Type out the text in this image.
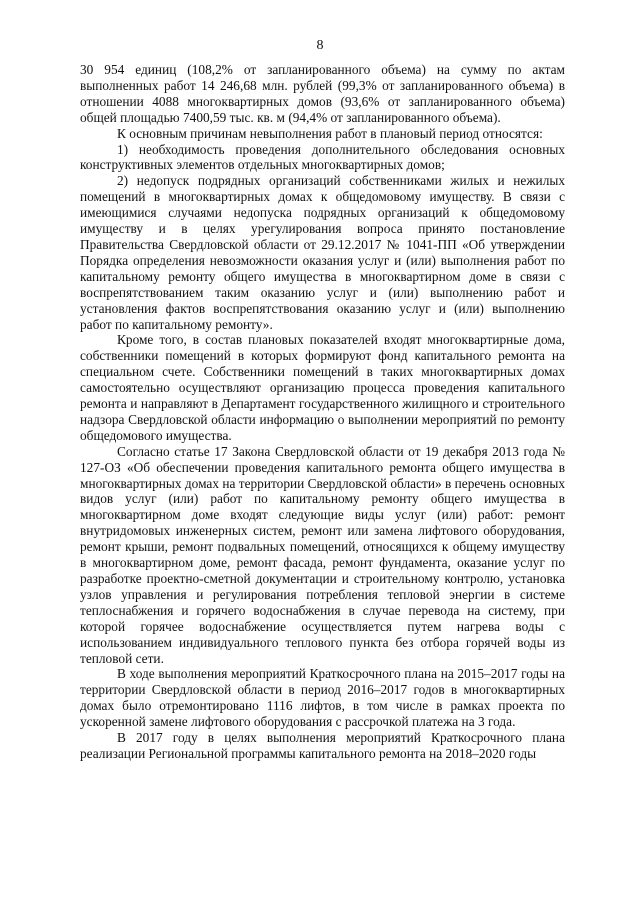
8

30 954 единиц (108,2% от запланированного объема) на сумму по актам выполненных работ 14 246,68 млн. рублей (99,3% от запланированного объема) в отношении 4088 многоквартирных домов (93,6% от запланированного объема) общей площадью 7400,59 тыс. кв. м (94,4% от запланированного объема).

К основным причинам невыполнения работ в плановый период относятся:

1) необходимость проведения дополнительного обследования основных конструктивных элементов отдельных многоквартирных домов;

2) недопуск подрядных организаций собственниками жилых и нежилых помещений в многоквартирных домах к общедомовому имуществу. В связи с имеющимися случаями недопуска подрядных организаций к общедомовому имуществу и в целях урегулирования вопроса принято постановление Правительства Свердловской области от 29.12.2017 № 1041-ПП «Об утверждении Порядка определения невозможности оказания услуг и (или) выполнения работ по капитальному ремонту общего имущества в многоквартирном доме в связи с воспрепятствованием таким оказанию услуг и (или) выполнению работ и установления фактов воспрепятствования оказанию услуг и (или) выполнению работ по капитальному ремонту».

Кроме того, в состав плановых показателей входят многоквартирные дома, собственники помещений в которых формируют фонд капитального ремонта на специальном счете. Собственники помещений в таких многоквартирных домах самостоятельно осуществляют организацию процесса проведения капитального ремонта и направляют в Департамент государственного жилищного и строительного надзора Свердловской области информацию о выполнении мероприятий по ремонту общедомового имущества.

Согласно статье 17 Закона Свердловской области от 19 декабря 2013 года № 127-ОЗ «Об обеспечении проведения капитального ремонта общего имущества в многоквартирных домах на территории Свердловской области» в перечень основных видов услуг (или) работ по капитальному ремонту общего имущества в многоквартирном доме входят следующие виды услуг (или) работ: ремонт внутридомовых инженерных систем, ремонт или замена лифтового оборудования, ремонт крыши, ремонт подвальных помещений, относящихся к общему имуществу в многоквартирном доме, ремонт фасада, ремонт фундамента, оказание услуг по разработке проектно-сметной документации и строительному контролю, установка узлов управления и регулирования потребления тепловой энергии в системе теплоснабжения и горячего водоснабжения в случае перевода на систему, при которой горячее водоснабжение осуществляется путем нагрева воды с использованием индивидуального теплового пункта без отбора горячей воды из тепловой сети.

В ходе выполнения мероприятий Краткосрочного плана на 2015–2017 годы на территории Свердловской области в период 2016–2017 годов в многоквартирных домах было отремонтировано 1116 лифтов, в том числе в рамках проекта по ускоренной замене лифтового оборудования с рассрочкой платежа на 3 года.

В 2017 году в целях выполнения мероприятий Краткосрочного плана реализации Региональной программы капитального ремонта на 2018–2020 годы
